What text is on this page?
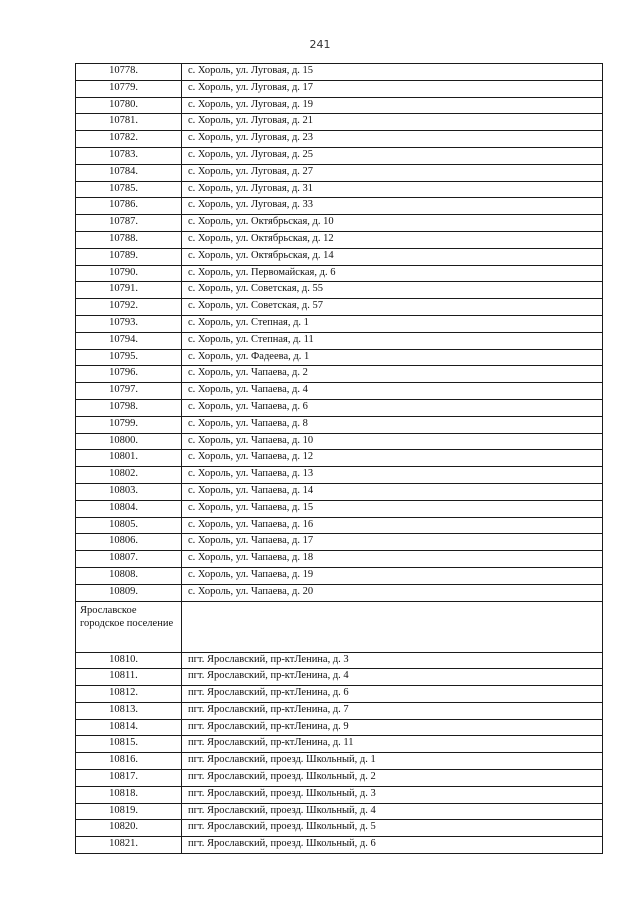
241
10778.	с. Хороль, ул. Луговая, д. 15
10779.	с. Хороль, ул. Луговая, д. 17
10780.	с. Хороль, ул. Луговая, д. 19
10781.	с. Хороль, ул. Луговая, д. 21
10782.	с. Хороль, ул. Луговая, д. 23
10783.	с. Хороль, ул. Луговая, д. 25
10784.	с. Хороль, ул. Луговая, д. 27
10785.	с. Хороль, ул. Луговая, д. 31
10786.	с. Хороль, ул. Луговая, д. 33
10787.	с. Хороль, ул. Октябрьская, д. 10
10788.	с. Хороль, ул. Октябрьская, д. 12
10789.	с. Хороль, ул. Октябрьская, д. 14
10790.	с. Хороль, ул. Первомайская, д. 6
10791.	с. Хороль, ул. Советская, д. 55
10792.	с. Хороль, ул. Советская, д. 57
10793.	с. Хороль, ул. Степная, д. 1
10794.	с. Хороль, ул. Степная, д. 11
10795.	с. Хороль, ул. Фадеева, д. 1
10796.	с. Хороль, ул. Чапаева, д. 2
10797.	с. Хороль, ул. Чапаева, д. 4
10798.	с. Хороль, ул. Чапаева, д. 6
10799.	с. Хороль, ул. Чапаева, д. 8
10800.	с. Хороль, ул. Чапаева, д. 10
10801.	с. Хороль, ул. Чапаева, д. 12
10802.	с. Хороль, ул. Чапаева, д. 13
10803.	с. Хороль, ул. Чапаева, д. 14
10804.	с. Хороль, ул. Чапаева, д. 15
10805.	с. Хороль, ул. Чапаева, д. 16
10806.	с. Хороль, ул. Чапаева, д. 17
10807.	с. Хороль, ул. Чапаева, д. 18
10808.	с. Хороль, ул. Чапаева, д. 19
10809.	с. Хороль, ул. Чапаева, д. 20
Ярославское городское поселение	
10810.	пгт. Ярославский, пр-ктЛенина, д. 3
10811.	пгт. Ярославский, пр-ктЛенина, д. 4
10812.	пгт. Ярославский, пр-ктЛенина, д. 6
10813.	пгт. Ярославский, пр-ктЛенина, д. 7
10814.	пгт. Ярославский, пр-ктЛенина, д. 9
10815.	пгт. Ярославский, пр-ктЛенина, д. 11
10816.	пгт. Ярославский, проезд. Школьный, д. 1
10817.	пгт. Ярославский, проезд. Школьный, д. 2
10818.	пгт. Ярославский, проезд. Школьный, д. 3
10819.	пгт. Ярославский, проезд. Школьный, д. 4
10820.	пгт. Ярославский, проезд. Школьный, д. 5
10821.	пгт. Ярославский, проезд. Школьный, д. 6
